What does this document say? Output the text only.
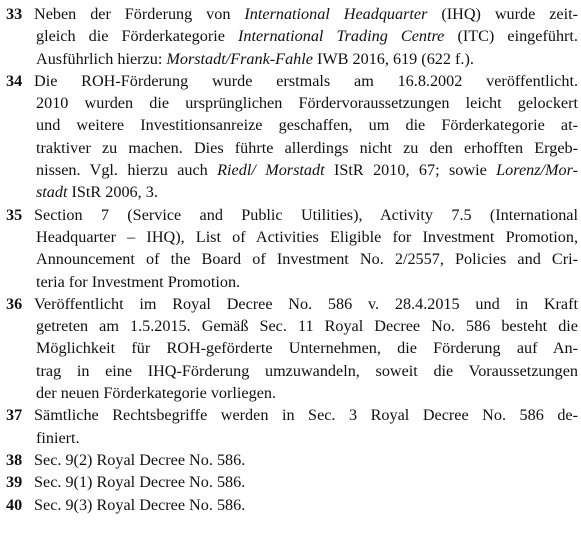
33 Neben der Förderung von International Headquarter (IHQ) wurde zeit-
gleich die Förderkategorie International Trading Centre (ITC) eingeführt.
Ausführlich hierzu: Morstadt/Frank-Fahle IWB 2016, 619 (622 f.).
34 Die ROH-Förderung wurde erstmals am 16.8.2002 veröffentlicht.
2010 wurden die ursprünglichen Fördervoraussetzungen leicht gelockert
und weitere Investitionsanreize geschaffen, um die Förderkategorie at-
traktiver zu machen. Dies führte allerdings nicht zu den erhofften Ergeb-
nissen. Vgl. hierzu auch Riedl/ Morstadt IStR 2010, 67; sowie Lorenz/Mor-
stadt IStR 2006, 3.
35 Section 7 (Service and Public Utilities), Activity 7.5 (International
Headquarter – IHQ), List of Activities Eligible for Investment Promotion,
Announcement of the Board of Investment No. 2/2557, Policies and Cri-
teria for Investment Promotion.
36 Veröffentlicht im Royal Decree No. 586 v. 28.4.2015 und in Kraft
getreten am 1.5.2015. Gemäß Sec. 11 Royal Decree No. 586 besteht die
Möglichkeit für ROH-geförderte Unternehmen, die Förderung auf An-
trag in eine IHQ-Förderung umzuwandeln, soweit die Voraussetzungen
der neuen Förderkategorie vorliegen.
37 Sämtliche Rechtsbegriffe werden in Sec. 3 Royal Decree No. 586 de-
finiert.
38 Sec. 9(2) Royal Decree No. 586.
39 Sec. 9(1) Royal Decree No. 586.
40 Sec. 9(3) Royal Decree No. 586.
